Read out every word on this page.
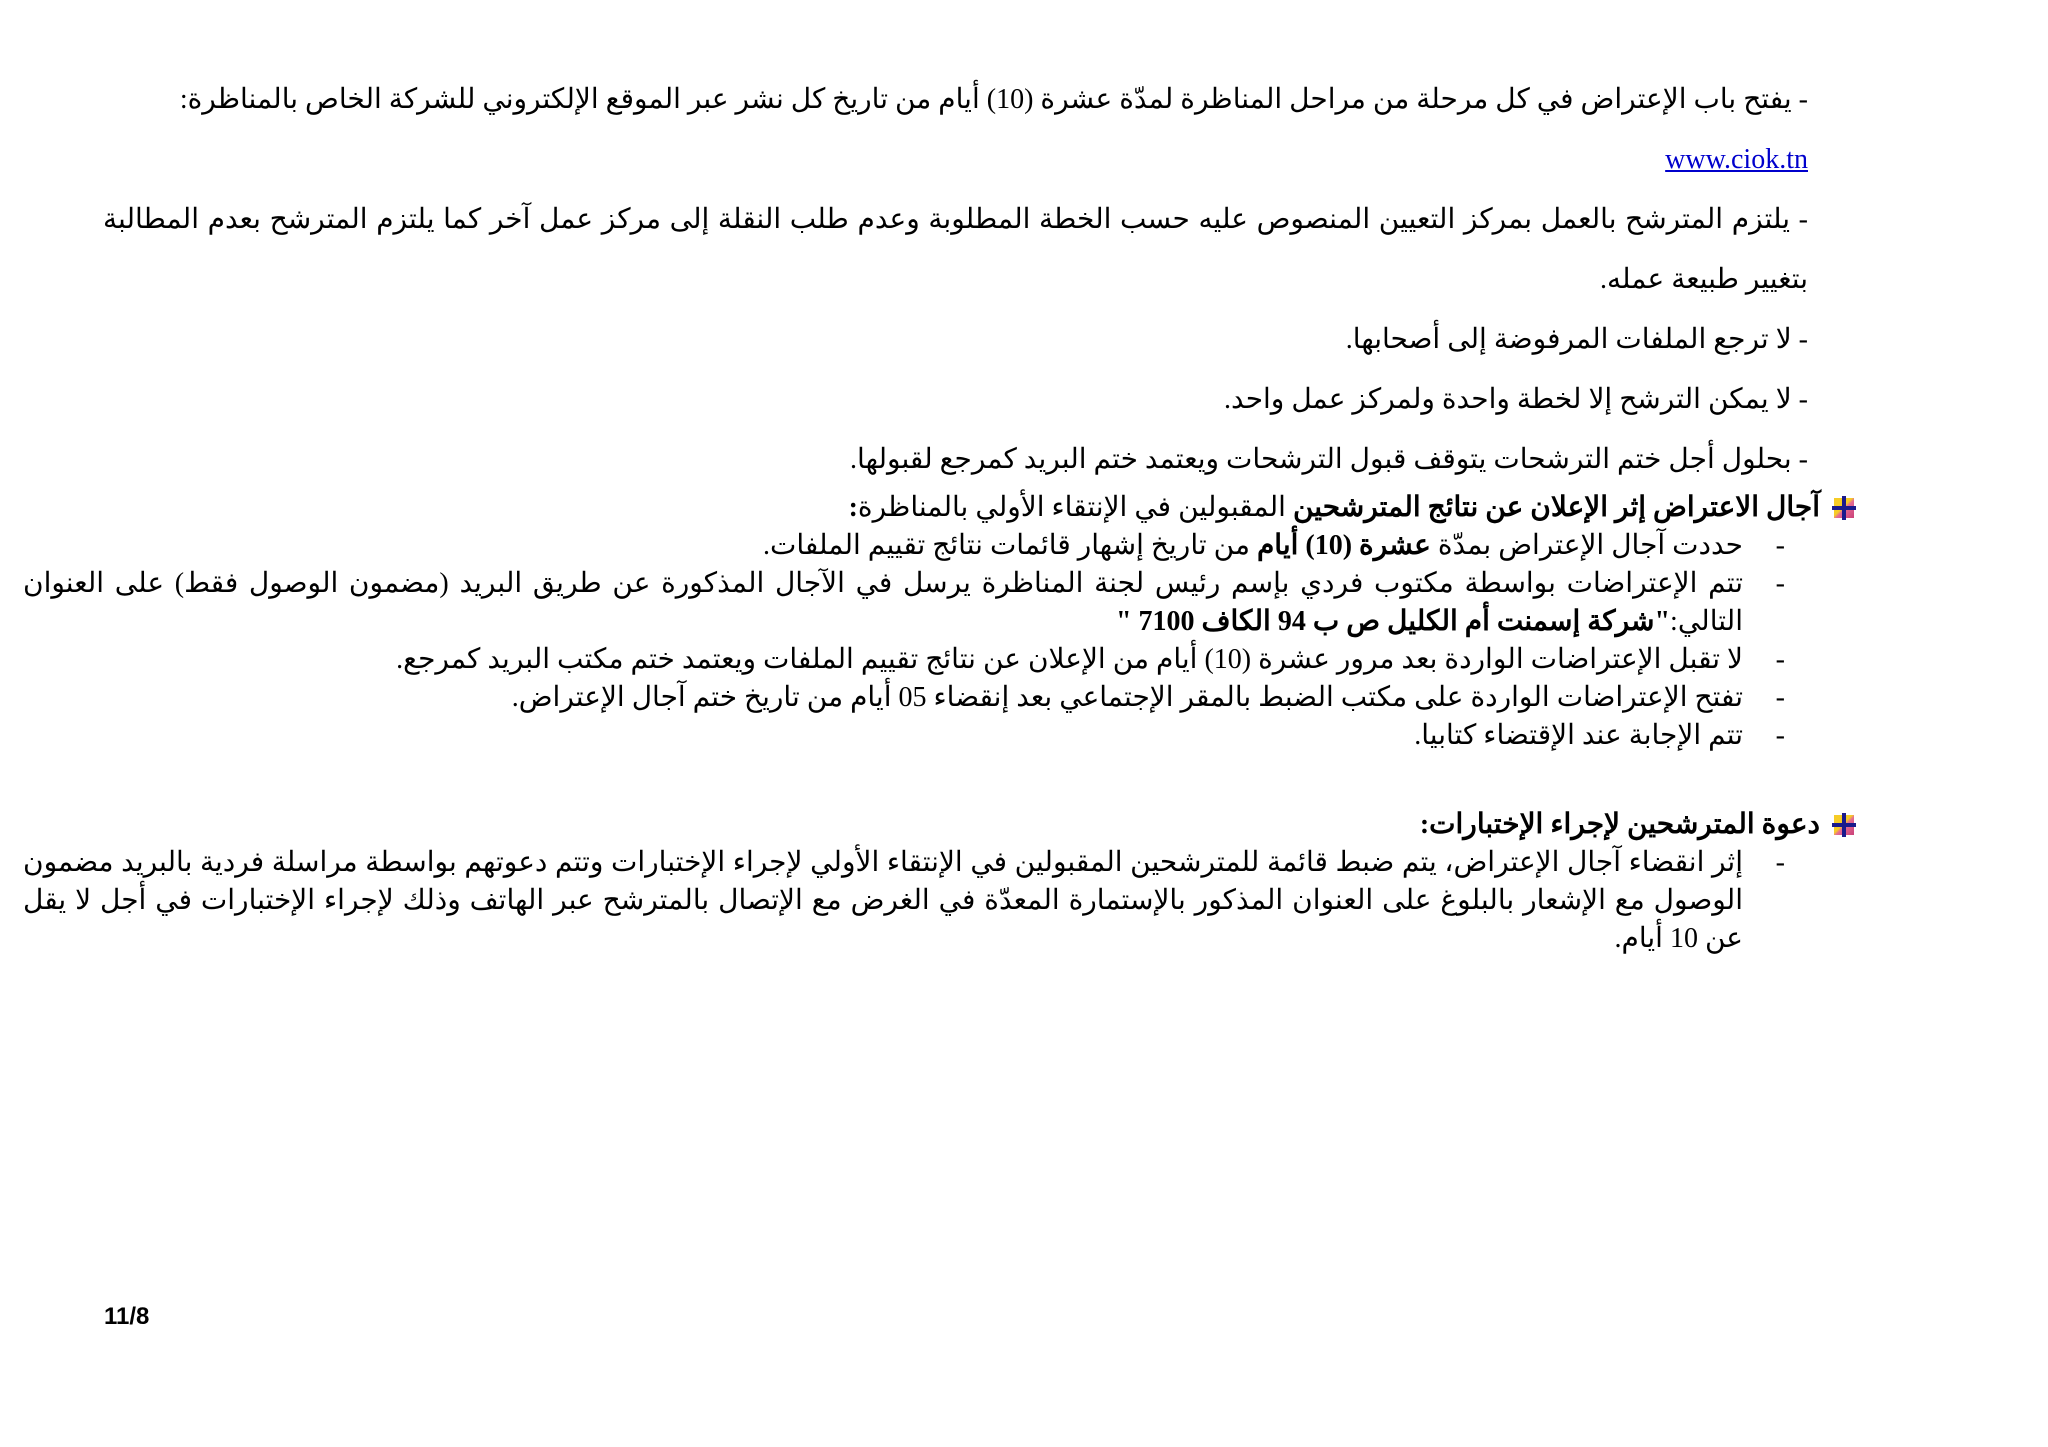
- يفتح باب الإعتراض في كل مرحلة من مراحل المناظرة لمدّة عشرة (10) أيام من تاريخ كل نشر عبر الموقع الإلكتروني للشركة الخاص بالمناظرة:

www.ciok.tn

- يلتزم المترشح بالعمل بمركز التعيين المنصوص عليه حسب الخطة المطلوبة وعدم طلب النقلة إلى مركز عمل آخر كما يلتزم المترشح بعدم المطالبة بتغيير طبيعة عمله.

- لا ترجع الملفات المرفوضة إلى أصحابها.

- لا يمكن الترشح إلا لخطة واحدة ولمركز عمل واحد.

- بحلول أجل ختم الترشحات يتوقف قبول الترشحات ويعتمد ختم البريد كمرجع لقبولها.

آجال الاعتراض إثر الإعلان عن نتائج المترشحين المقبولين في الإنتقاء الأولي بالمناظرة:
-
حددت آجال الإعتراض بمدّة عشرة (10) أيام من تاريخ إشهار قائمات نتائج تقييم الملفات.
-
تتم الإعتراضات بواسطة مكتوب فردي بإسم رئيس لجنة المناظرة يرسل في الآجال المذكورة عن طريق البريد (مضمون الوصول فقط) على العنوان التالي:"شركة إسمنت أم الكليل ص ب 94 الكاف 7100 "
-
لا تقبل الإعتراضات الواردة بعد مرور عشرة (10) أيام من الإعلان عن نتائج تقييم الملفات ويعتمد ختم مكتب البريد كمرجع.
-
تفتح الإعتراضات الواردة على مكتب الضبط بالمقر الإجتماعي بعد إنقضاء 05 أيام من تاريخ ختم آجال الإعتراض.
-
تتم الإجابة عند الإقتضاء كتابيا.
دعوة المترشحين لإجراء الإختبارات:
-
إثر انقضاء آجال الإعتراض، يتم ضبط قائمة للمترشحين المقبولين في الإنتقاء الأولي لإجراء الإختبارات وتتم دعوتهم بواسطة مراسلة فردية بالبريد مضمون الوصول مع الإشعار بالبلوغ على العنوان المذكور بالإستمارة المعدّة في الغرض مع الإتصال بالمترشح عبر الهاتف وذلك لإجراء الإختبارات في أجل لا يقل عن 10 أيام.
11/8
